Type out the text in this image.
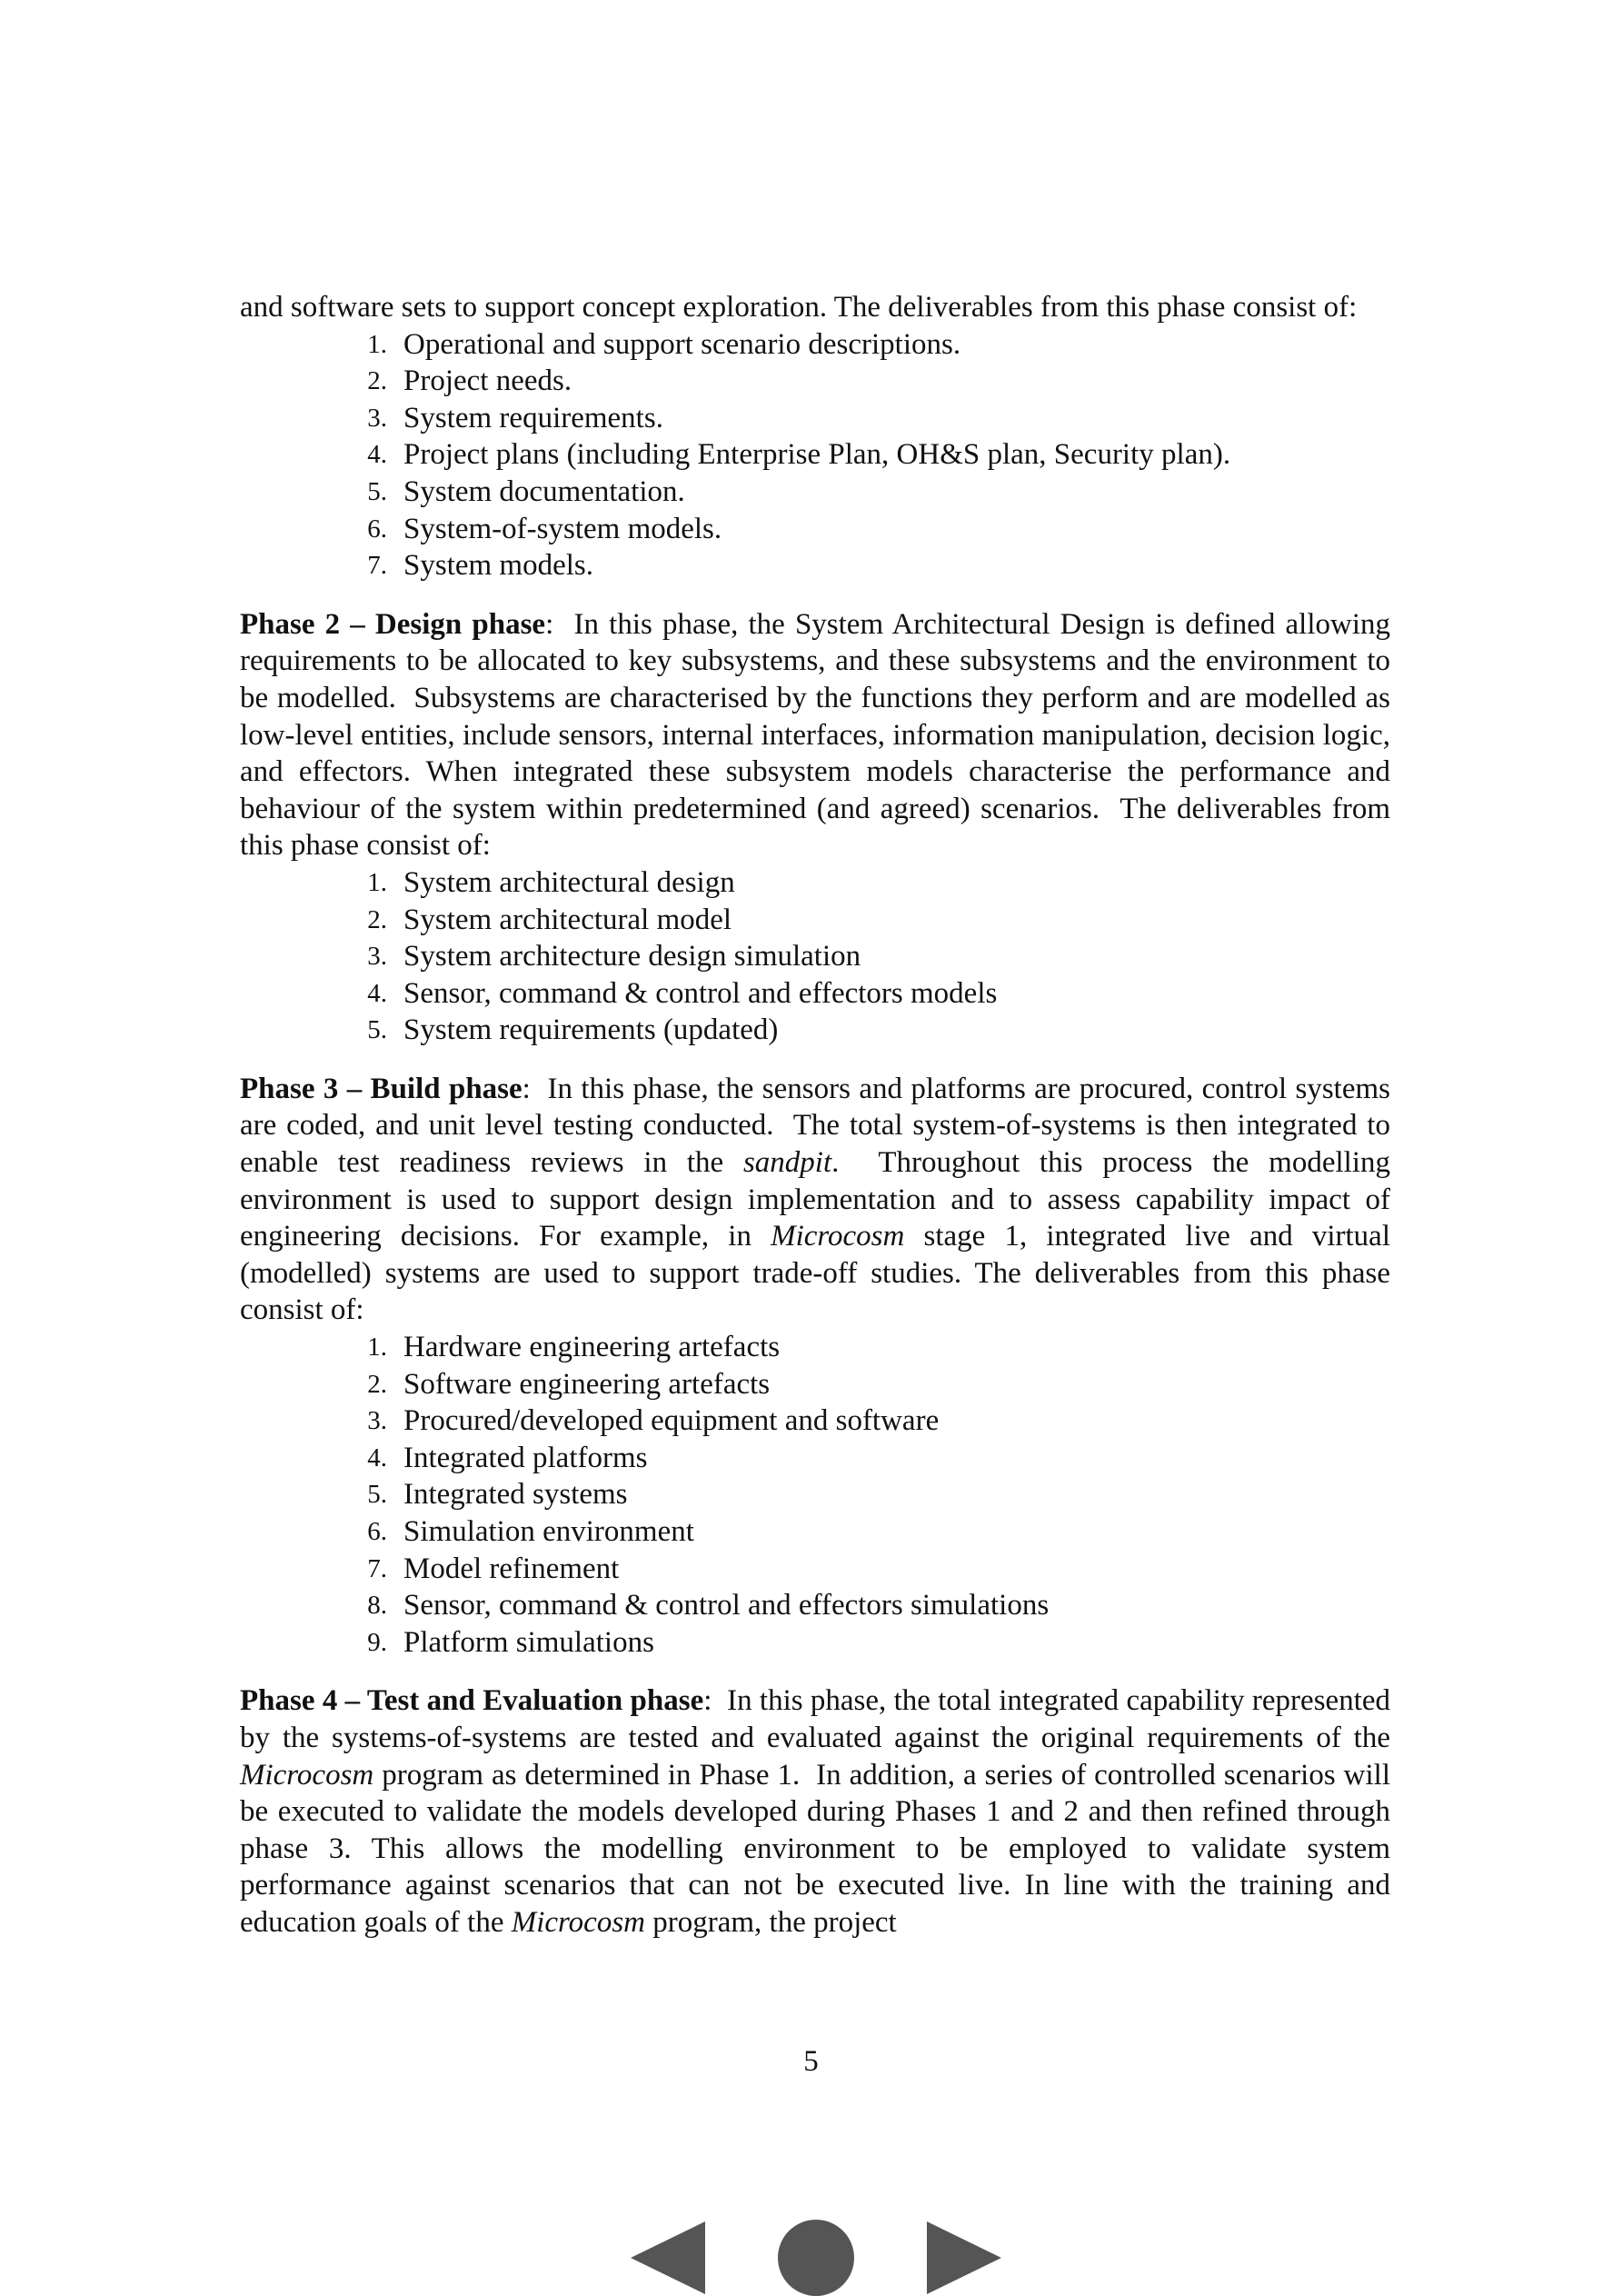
and software sets to support concept exploration. The deliverables from this phase consist of:

1. Operational and support scenario descriptions.
2. Project needs.
3. System requirements.
4. Project plans (including Enterprise Plan, OH&S plan, Security plan).
5. System documentation.
6. System-of-system models.
7. System models.

Phase 2 – Design phase:  In this phase, the System Architectural Design is defined allowing requirements to be allocated to key subsystems, and these subsystems and the environment to be modelled.  Subsystems are characterised by the functions they perform and are modelled as low-level entities, include sensors, internal interfaces, information manipulation, decision logic, and effectors. When integrated these subsystem models characterise the performance and behaviour of the system within predetermined (and agreed) scenarios.  The deliverables from this phase consist of:

1. System architectural design
2. System architectural model
3. System architecture design simulation
4. Sensor, command & control and effectors models
5. System requirements (updated)

Phase 3 – Build phase:  In this phase, the sensors and platforms are procured, control systems are coded, and unit level testing conducted.  The total system-of-systems is then integrated to enable test readiness reviews in the sandpit.  Throughout this process the modelling environment is used to support design implementation and to assess capability impact of engineering decisions. For example, in Microcosm stage 1, integrated live and virtual (modelled) systems are used to support trade-off studies. The deliverables from this phase consist of:

1. Hardware engineering artefacts
2. Software engineering artefacts
3. Procured/developed equipment and software
4. Integrated platforms
5. Integrated systems
6. Simulation environment
7. Model refinement
8. Sensor, command & control and effectors simulations
9. Platform simulations

Phase 4 – Test and Evaluation phase:  In this phase, the total integrated capability represented by the systems-of-systems are tested and evaluated against the original requirements of the Microcosm program as determined in Phase 1.  In addition, a series of controlled scenarios will be executed to validate the models developed during Phases 1 and 2 and then refined through phase 3. This allows the modelling environment to be employed to validate system performance against scenarios that can not be executed live. In line with the training and education goals of the Microcosm program, the project

5
